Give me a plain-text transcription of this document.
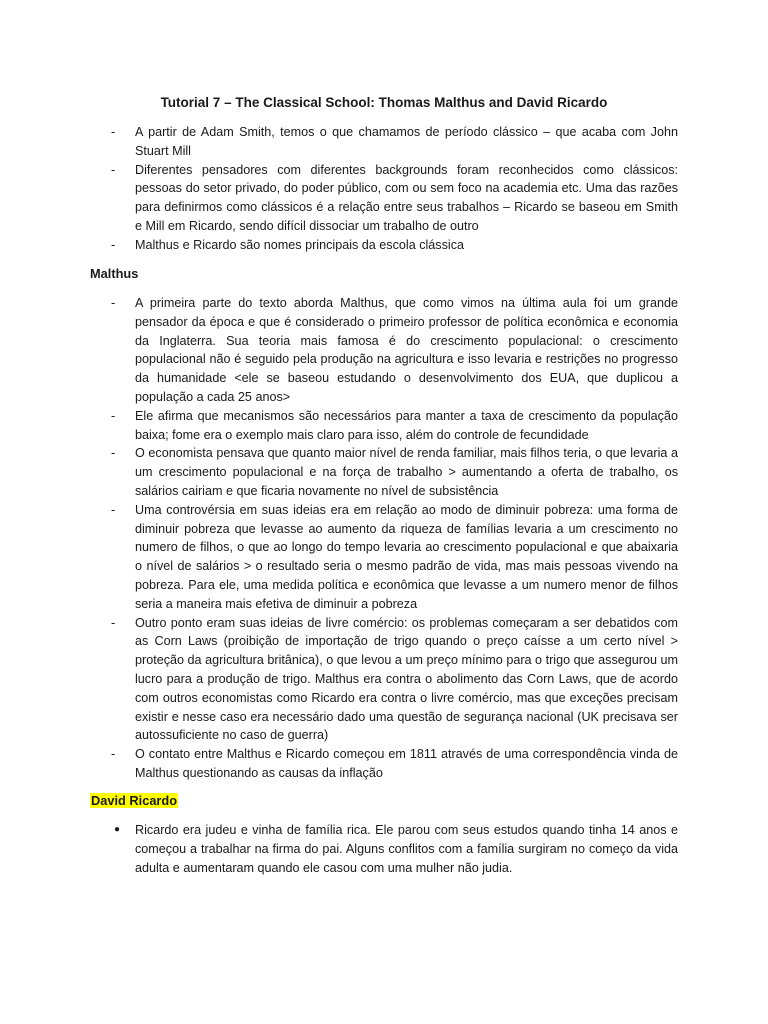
Tutorial 7 – The Classical School: Thomas Malthus and David Ricardo
- A partir de Adam Smith, temos o que chamamos de período clássico – que acaba com John Stuart Mill
- Diferentes pensadores com diferentes backgrounds foram reconhecidos como clássicos: pessoas do setor privado, do poder público, com ou sem foco na academia etc. Uma das razões para definirmos como clássicos é a relação entre seus trabalhos – Ricardo se baseou em Smith e Mill em Ricardo, sendo difícil dissociar um trabalho de outro
- Malthus e Ricardo são nomes principais da escola clássica
Malthus
- A primeira parte do texto aborda Malthus, que como vimos na última aula foi um grande pensador da época e que é considerado o primeiro professor de política econômica e economia da Inglaterra. Sua teoria mais famosa é do crescimento populacional: o crescimento populacional não é seguido pela produção na agricultura e isso levaria e restrições no progresso da humanidade <ele se baseou estudando o desenvolvimento dos EUA, que duplicou a população a cada 25 anos>
- Ele afirma que mecanismos são necessários para manter a taxa de crescimento da população baixa; fome era o exemplo mais claro para isso, além do controle de fecundidade
- O economista pensava que quanto maior nível de renda familiar, mais filhos teria, o que levaria a um crescimento populacional e na força de trabalho > aumentando a oferta de trabalho, os salários cairiam e que ficaria novamente no nível de subsistência
- Uma controvérsia em suas ideias era em relação ao modo de diminuir pobreza: uma forma de diminuir pobreza que levasse ao aumento da riqueza de famílias levaria a um crescimento no numero de filhos, o que ao longo do tempo levaria ao crescimento populacional e que abaixaria o nível de salários > o resultado seria o mesmo padrão de vida, mas mais pessoas vivendo na pobreza. Para ele, uma medida política e econômica que levasse a um numero menor de filhos seria a maneira mais efetiva de diminuir a pobreza
- Outro ponto eram suas ideias de livre comércio: os problemas começaram a ser debatidos com as Corn Laws (proibição de importação de trigo quando o preço caísse a um certo nível > proteção da agricultura britânica), o que levou a um preço mínimo para o trigo que assegurou um lucro para a produção de trigo. Malthus era contra o abolimento das Corn Laws, que de acordo com outros economistas como Ricardo era contra o livre comércio, mas que exceções precisam existir e nesse caso era necessário dado uma questão de segurança nacional (UK precisava ser autossuficiente no caso de guerra)
- O contato entre Malthus e Ricardo começou em 1811 através de uma correspondência vinda de Malthus questionando as causas da inflação
David Ricardo
● Ricardo era judeu e vinha de família rica. Ele parou com seus estudos quando tinha 14 anos e começou a trabalhar na firma do pai. Alguns conflitos com a família surgiram no começo da vida adulta e aumentaram quando ele casou com uma mulher não judia.
